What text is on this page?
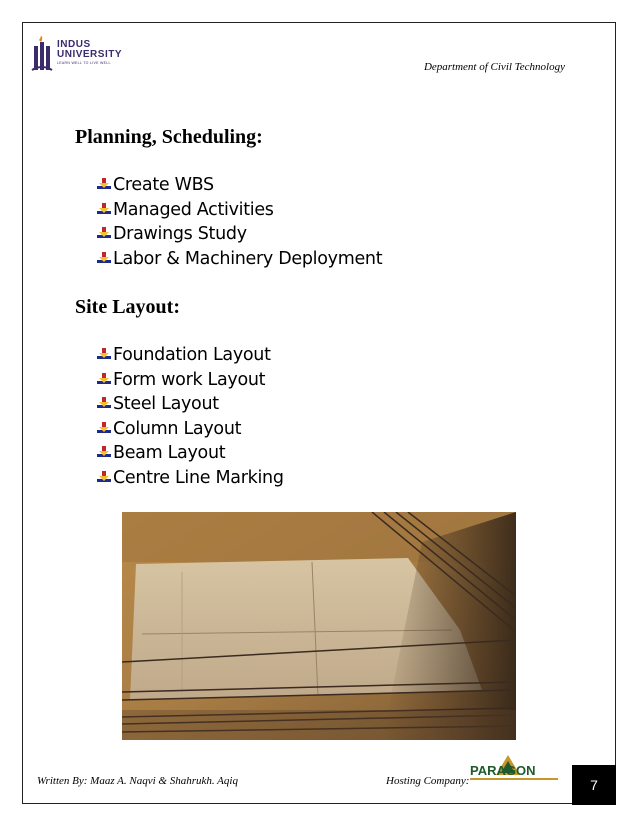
INDUS
UNIVERSITY
LEARN WELL TO LIVE WELL	Department of Civil Technology
Planning, Scheduling:
Create WBS
Managed Activities
Drawings Study
Labor & Machinery Deployment
Site Layout:
Foundation Layout
Form work Layout
Steel Layout
Column Layout
Beam Layout
Centre Line Marking
Written By: Maaz A. Naqvi & Shahrukh. Aqiq	Hosting Company:
PARAGON
7
